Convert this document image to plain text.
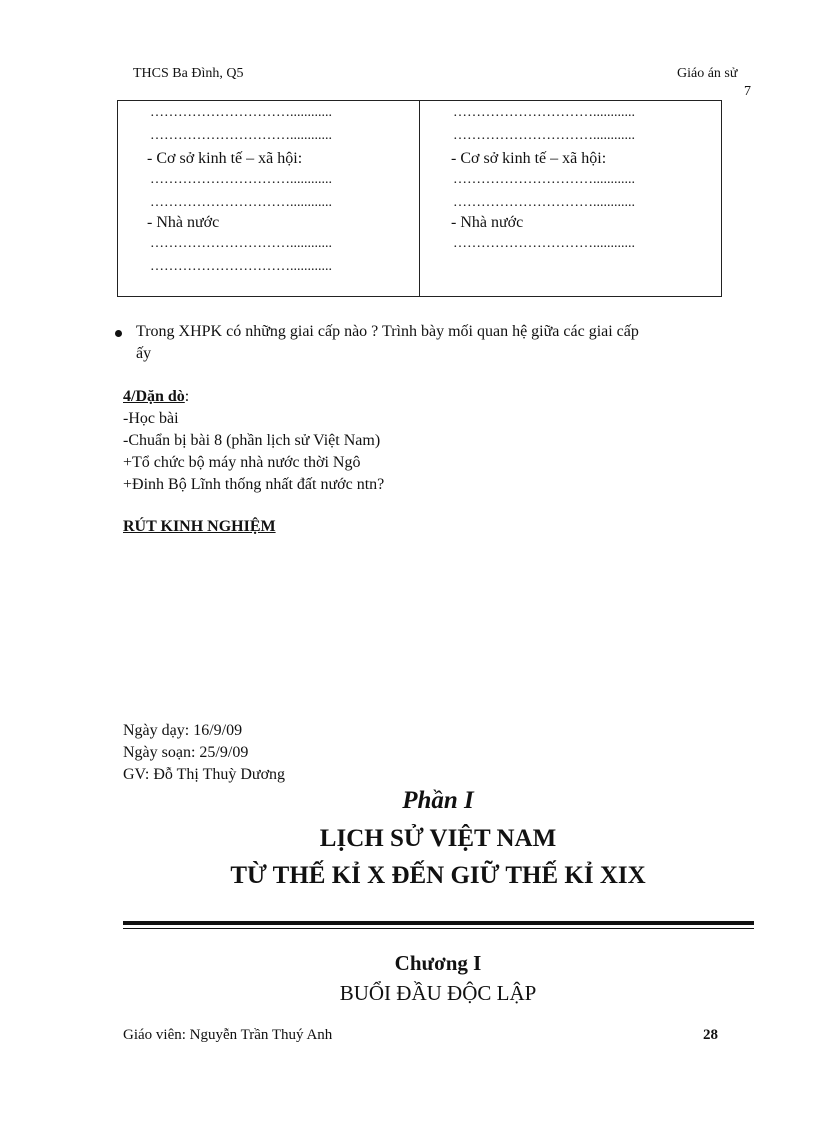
THCS Ba Đình, Q5	Giáo án sử
7
…………………………............
…………………………............
- Cơ sở kinh tế – xã hội:
…………………………............
…………………………............
- Nhà nước
…………………………............
…………………………............
…………………………............
…………………………............
- Cơ sở kinh tế – xã hội:
…………………………............
…………………………............
- Nhà nước
…………………………............
Trong XHPK có những giai cấp nào ? Trình bày mối quan hệ giữa các giai cấp
ấy
4/Dặn dò:
-Học bài
-Chuẩn bị bài 8 (phần lịch sử Việt Nam)
+Tổ chức bộ máy nhà nước thời Ngô
+Đinh Bộ Lĩnh thống nhất đất nước ntn?
RÚT KINH NGHIỆM
Ngày dạy: 16/9/09
Ngày soạn: 25/9/09
GV: Đỗ Thị Thuỳ Dương
Phần I
LỊCH SỬ VIỆT NAM
TỪ THẾ KỈ X ĐẾN GIỮ THẾ KỈ XIX
Chương I
BUỔI ĐẦU ĐỘC LẬP
Giáo viên: Nguyễn Trần Thuý Anh	28
